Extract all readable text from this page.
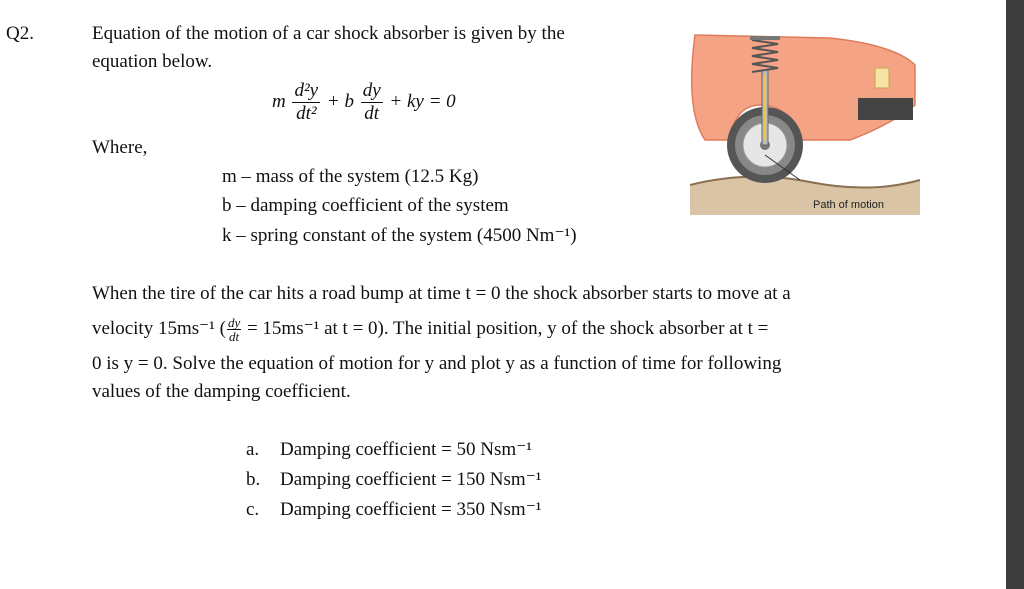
Q2.	Equation of the motion of a car shock absorber is given by the
equation below.
m $\frac{\text{d²y}}{\text{dt²}} + b \frac{dy}{dt}$ + ky = 0
Where,
m – mass of the system (12.5 Kg)
b – damping coefficient of the system
k – spring constant of the system (4500 Nm⁻¹)
Path of motion
When the tire of the car hits a road bump at time t = 0 the shock absorber starts to move at a
velocity 15ms⁻¹ ( $\frac{dy}{dt} = 15ms^{-1}$ at t = 0). The initial position, y of the shock absorber at t =
0 is y = 0. Solve the equation of motion for y and plot y as a function of time for following
values of the damping coefficient.
a. Damping coefficient = 50 Nsm⁻¹
b. Damping coefficient = 150 Nsm⁻¹
c. Damping coefficient = 350 Nsm⁻¹
